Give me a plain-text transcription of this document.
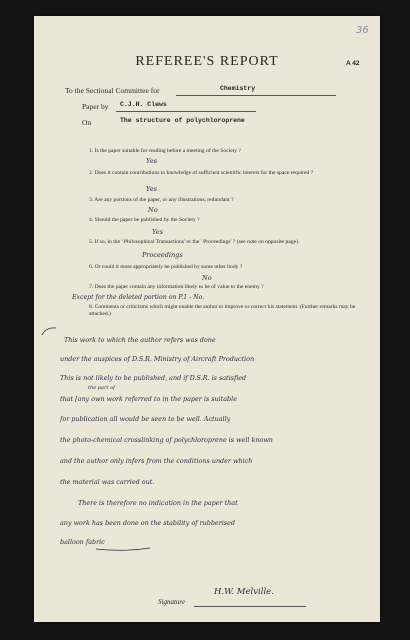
36
A 42
REFEREE'S REPORT
To the Sectional Committee for	Chemistry
Paper by C.J.H. Clews
On	The structure of polychloroprene
1. Is the paper suitable for reading before a meeting of the Society ?
Yes
2. Does it contain contributions to knowledge of sufficient scientific interest for the space required ?
Yes
3. Are any portions of the paper, or any illustrations, redundant ?
No
4. Should the paper be published by the Society ?
Yes
5. If so, in the ' Philosophical Transactions' or the ' Proceedings' ? (see note on opposite page).
Proceedings
6. Or could it more appropriately be published by some other body ?
No
7. Does the paper contain any information likely to be of value to the enemy ?
Except for the deleted portion on P.1 - No.
8. Comments or criticisms which might enable the author to improve or correct his statement. (Further remarks may be attached.)
This work to which the author refers was done
under the auspices of D.S.R. Ministry of Aircraft Production
This is not likely to be published, and if D.S.R. is satisfied
the part of
that [any own work referred to in the paper is suitable
for publication all would be seen to be well. Actually
the photo-chemical crosslinking of polychloroprene is well known
and the author only infers from the conditions under which
the material was carried out.
There is therefore no indication in the paper that
any work has been done on the stability of rubberised
balloon fabric
Signature
H.W. Melville.
